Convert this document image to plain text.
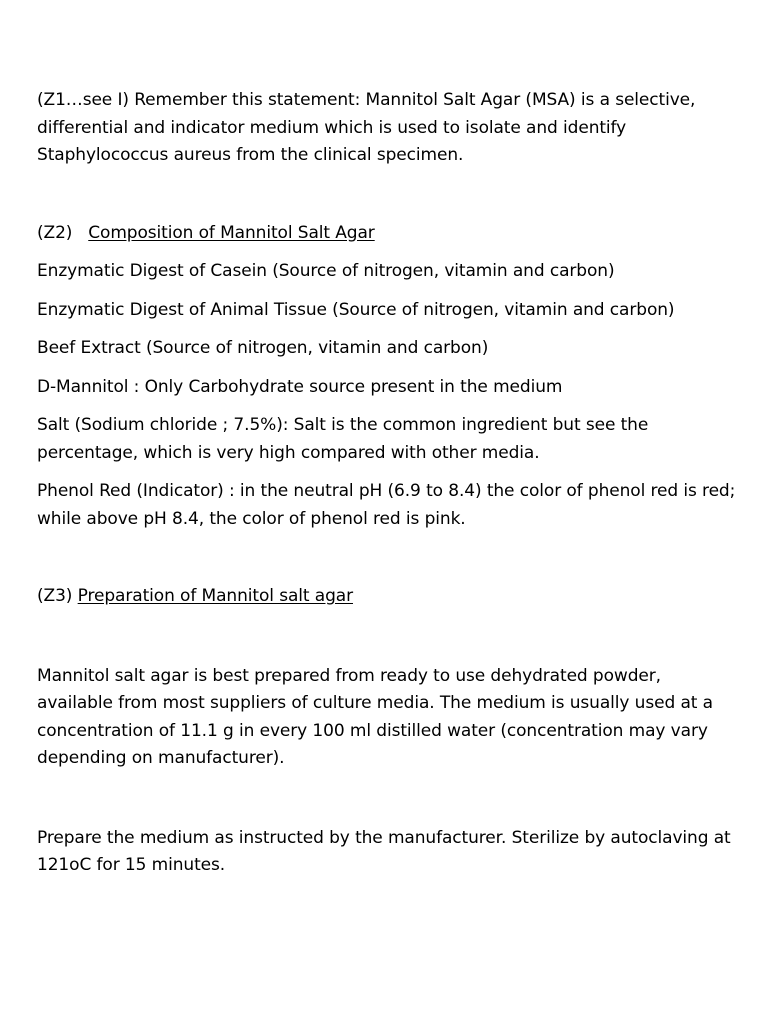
(Z1…see I) Remember this statement: Mannitol Salt Agar (MSA) is a selective, differential and indicator medium which is used to isolate and identify Staphylococcus aureus from the clinical specimen.

(Z2) Composition of Mannitol Salt Agar

Enzymatic Digest of Casein (Source of nitrogen, vitamin and carbon)

Enzymatic Digest of Animal Tissue (Source of nitrogen, vitamin and carbon)

Beef Extract (Source of nitrogen, vitamin and carbon)

D-Mannitol : Only Carbohydrate source present in the medium

Salt (Sodium chloride ; 7.5%): Salt is the common ingredient but see the percentage, which is very high compared with other media.

Phenol Red (Indicator) : in the neutral pH (6.9 to 8.4) the color of phenol red is red; while above pH 8.4, the color of phenol red is pink.

(Z3) Preparation of Mannitol salt agar

Mannitol salt agar is best prepared from ready to use dehydrated powder, available from most suppliers of culture media. The medium is usually used at a concentration of 11.1 g in every 100 ml distilled water (concentration may vary depending on manufacturer).

Prepare the medium as instructed by the manufacturer. Sterilize by autoclaving at 121oC for 15 minutes.
